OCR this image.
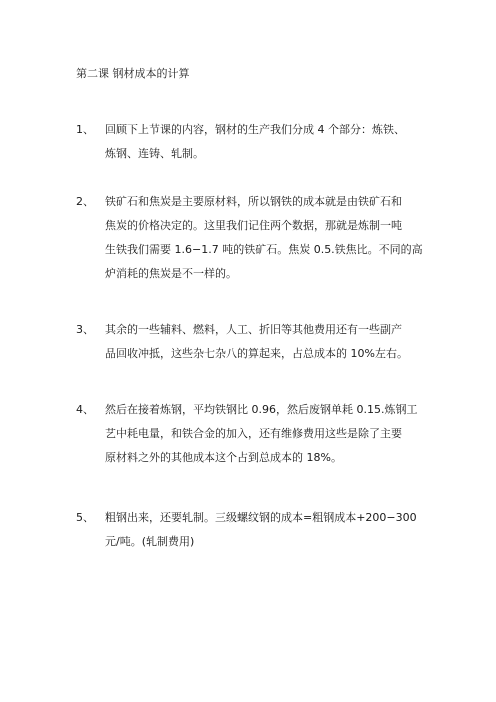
第二课 钢材成本的计算
1、 回顾下上节课的内容，钢材的生产我们分成 4 个部分：炼铁、
炼钢、连铸、轧制。
2、 铁矿石和焦炭是主要原材料，所以钢铁的成本就是由铁矿石和
焦炭的价格决定的。这里我们记住两个数据，那就是炼制一吨
生铁我们需要 1.6−1.7 吨的铁矿石。焦炭 0.5.铁焦比。不同的高
炉消耗的焦炭是不一样的。
3、 其余的一些辅料、燃料，人工、折旧等其他费用还有一些副产
品回收冲抵，这些杂七杂八的算起来，占总成本的 10%左右。
4、 然后在接着炼钢，平均铁钢比 0.96，然后废钢单耗 0.15.炼钢工
艺中耗电量，和铁合金的加入，还有维修费用这些是除了主要
原材料之外的其他成本这个占到总成本的 18%。
5、 粗钢出来，还要轧制。三级螺纹钢的成本=粗钢成本+200−300
元/吨。(轧制费用)
